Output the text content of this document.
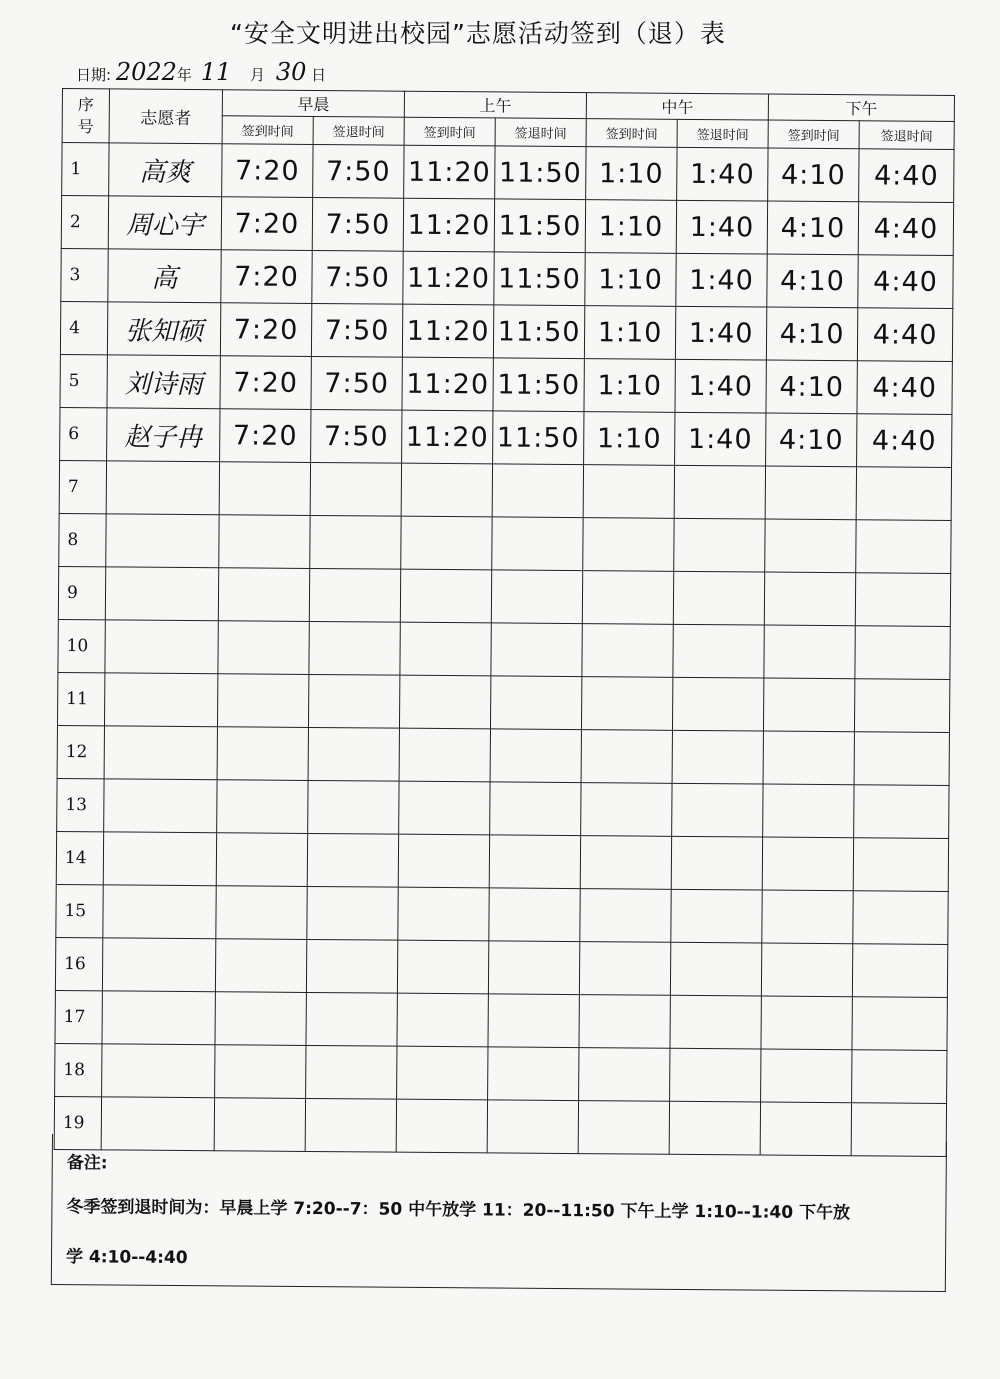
“安全文明进出校园”志愿活动签到（退）表
日期: 2022年 11 月 30 日
序号	志愿者	早晨		上午		中午		下午	
		签到时间	签退时间	签到时间	签退时间	签到时间	签退时间	签到时间	签退时间
1	高爽	7:20	7:50	11:20	11:50	1:10	1:40	4:10	4:40
2	周心宇	7:20	7:50	11:20	11:50	1:10	1:40	4:10	4:40
3	高	7:20	7:50	11:20	11:50	1:10	1:40	4:10	4:40
4	张知硕	7:20	7:50	11:20	11:50	1:10	1:40	4:10	4:40
5	刘诗雨	7:20	7:50	11:20	11:50	1:10	1:40	4:10	4:40
6	赵子冉	7:20	7:50	11:20	11:50	1:10	1:40	4:10	4:40
7									
8									
9									
10									
11									
12									
13									
14									
15									
16									
17									
18									
19									
备注:
冬季签到退时间为：早晨上学 7:20--7：50 中午放学 11：20--11:50 下午上学 1:10--1:40 下午放
学 4:10--4:40
